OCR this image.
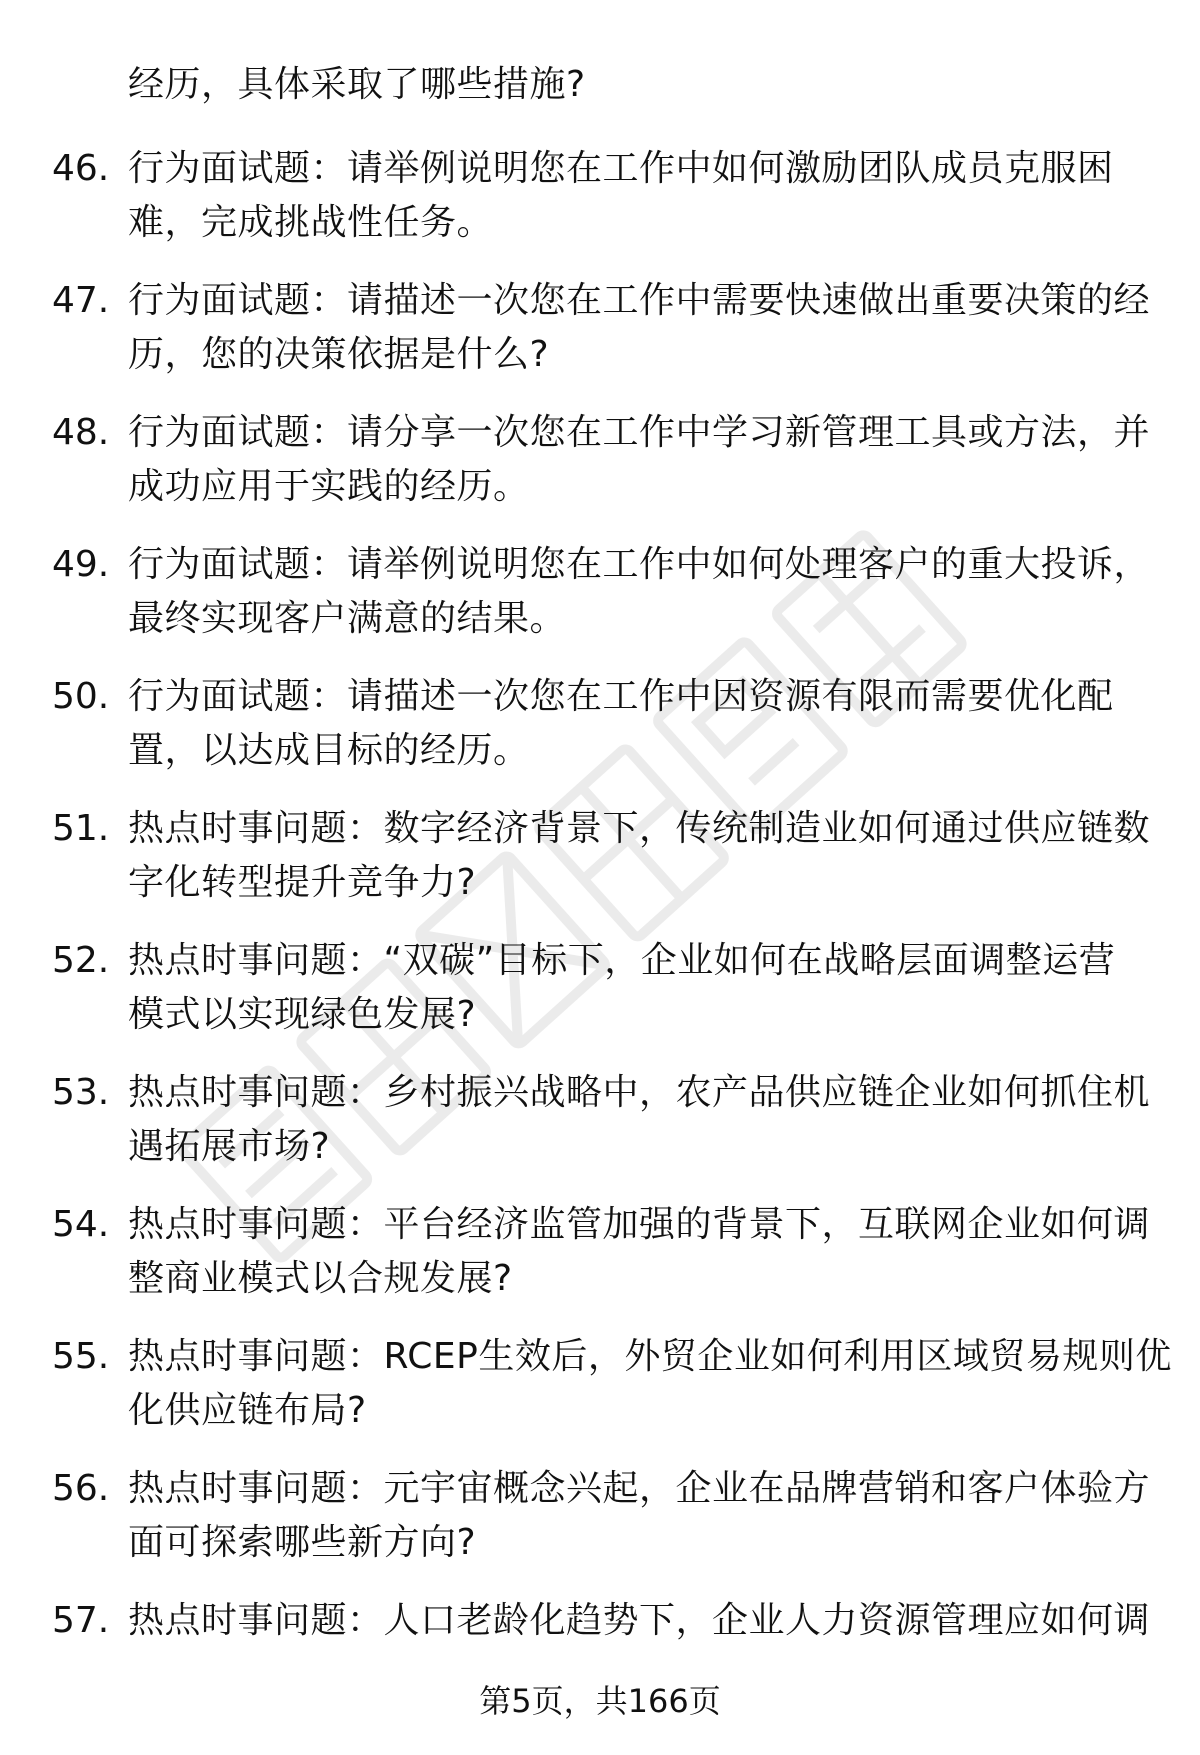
经历，具体采取了哪些措施?
46. 行为面试题：请举例说明您在工作中如何激励团队成员克服困
难，完成挑战性任务。
47. 行为面试题：请描述一次您在工作中需要快速做出重要决策的经
历，您的决策依据是什么?
48. 行为面试题：请分享一次您在工作中学习新管理工具或方法，并
成功应用于实践的经历。
49. 行为面试题：请举例说明您在工作中如何处理客户的重大投诉，
最终实现客户满意的结果。
50. 行为面试题：请描述一次您在工作中因资源有限而需要优化配
置，以达成目标的经历。
51. 热点时事问题：数字经济背景下，传统制造业如何通过供应链数
字化转型提升竞争力?
52. 热点时事问题：“双碳”目标下，企业如何在战略层面调整运营
模式以实现绿色发展?
53. 热点时事问题：乡村振兴战略中，农产品供应链企业如何抓住机
遇拓展市场?
54. 热点时事问题：平台经济监管加强的背景下，互联网企业如何调
整商业模式以合规发展?
55. 热点时事问题：RCEP生效后，外贸企业如何利用区域贸易规则优
化供应链布局?
56. 热点时事问题：元宇宙概念兴起，企业在品牌营销和客户体验方
面可探索哪些新方向?
57. 热点时事问题：人口老龄化趋势下，企业人力资源管理应如何调
第5页，共166页
